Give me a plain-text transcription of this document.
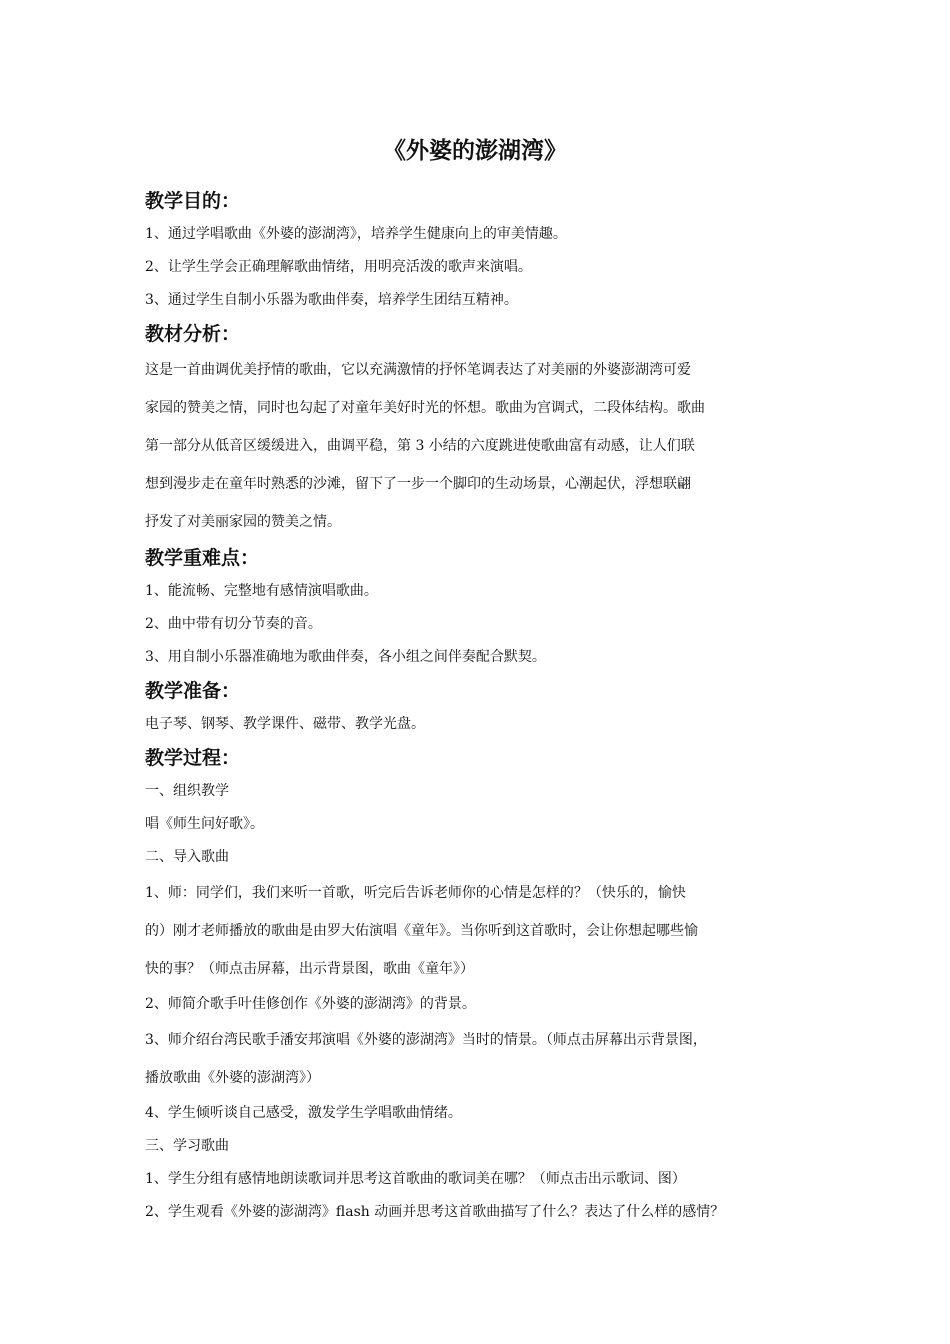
《外婆的澎湖湾》
教学目的：
1、通过学唱歌曲《外婆的澎湖湾》，培养学生健康向上的审美情趣。
2、让学生学会正确理解歌曲情绪，用明亮活泼的歌声来演唱。
3、通过学生自制小乐器为歌曲伴奏，培养学生团结互精神。
教材分析：
这是一首曲调优美抒情的歌曲，它以充满激情的抒怀笔调表达了对美丽的外婆澎湖湾可爱
家园的赞美之情，同时也勾起了对童年美好时光的怀想。歌曲为宫调式，二段体结构。歌曲
第一部分从低音区缓缓进入，曲调平稳，第 3 小结的六度跳进使歌曲富有动感，让人们联
想到漫步走在童年时熟悉的沙滩，留下了一步一个脚印的生动场景，心潮起伏，浮想联翩
抒发了对美丽家园的赞美之情。
教学重难点：
1、能流畅、完整地有感情演唱歌曲。
2、曲中带有切分节奏的音。
3、用自制小乐器准确地为歌曲伴奏，各小组之间伴奏配合默契。
教学准备：
电子琴、钢琴、教学课件、磁带、教学光盘。
教学过程：
一、组织教学
唱《师生问好歌》。
二、导入歌曲
1、师：同学们，我们来听一首歌，听完后告诉老师你的心情是怎样的？（快乐的，愉快
的）刚才老师播放的歌曲是由罗大佑演唱《童年》。当你听到这首歌时，会让你想起哪些愉
快的事？（师点击屏幕，出示背景图，歌曲《童年》）
2、师简介歌手叶佳修创作《外婆的澎湖湾》的背景。
3、师介绍台湾民歌手潘安邦演唱《外婆的澎湖湾》当时的情景。（师点击屏幕出示背景图，
播放歌曲《外婆的澎湖湾》）
4、学生倾听谈自己感受，激发学生学唱歌曲情绪。
三、学习歌曲
1、学生分组有感情地朗读歌词并思考这首歌曲的歌词美在哪？（师点击出示歌词、图）
2、学生观看《外婆的澎湖湾》flash 动画并思考这首歌曲描写了什么？表达了什么样的感情？
